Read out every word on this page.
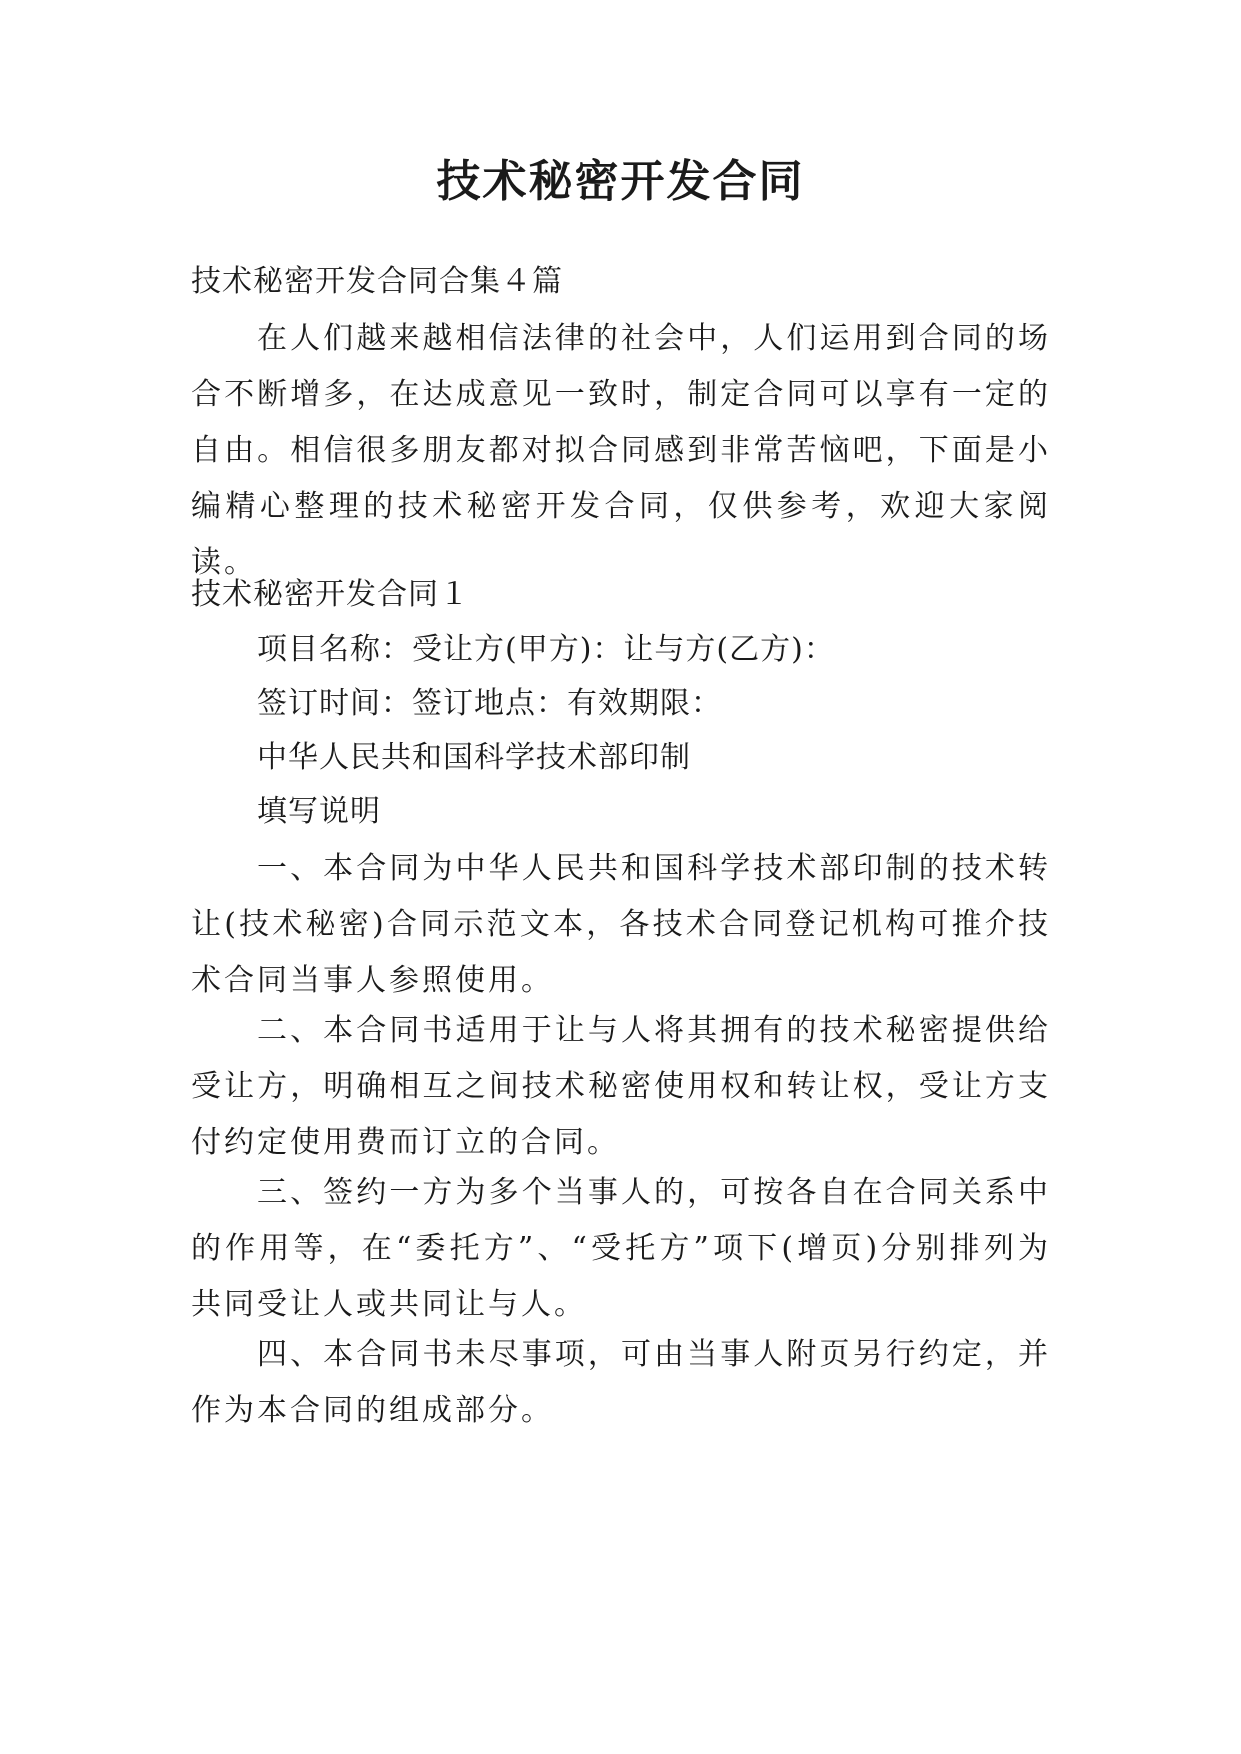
技术秘密开发合同
技术秘密开发合同合集４篇
在人们越来越相信法律的社会中，人们运用到合同的场合不断增多，在达成意见一致时，制定合同可以享有一定的自由。相信很多朋友都对拟合同感到非常苦恼吧，下面是小编精心整理的技术秘密开发合同，仅供参考，欢迎大家阅读。
技术秘密开发合同１
项目名称：受让方(甲方)：让与方(乙方)：
签订时间：签订地点：有效期限：
中华人民共和国科学技术部印制
填写说明
一、本合同为中华人民共和国科学技术部印制的技术转让(技术秘密)合同示范文本，各技术合同登记机构可推介技术合同当事人参照使用。
二、本合同书适用于让与人将其拥有的技术秘密提供给受让方，明确相互之间技术秘密使用权和转让权，受让方支付约定使用费而订立的合同。
三、签约一方为多个当事人的，可按各自在合同关系中的作用等，在“委托方”、“受托方”项下(增页)分别排列为共同受让人或共同让与人。
四、本合同书未尽事项，可由当事人附页另行约定，并作为本合同的组成部分。
